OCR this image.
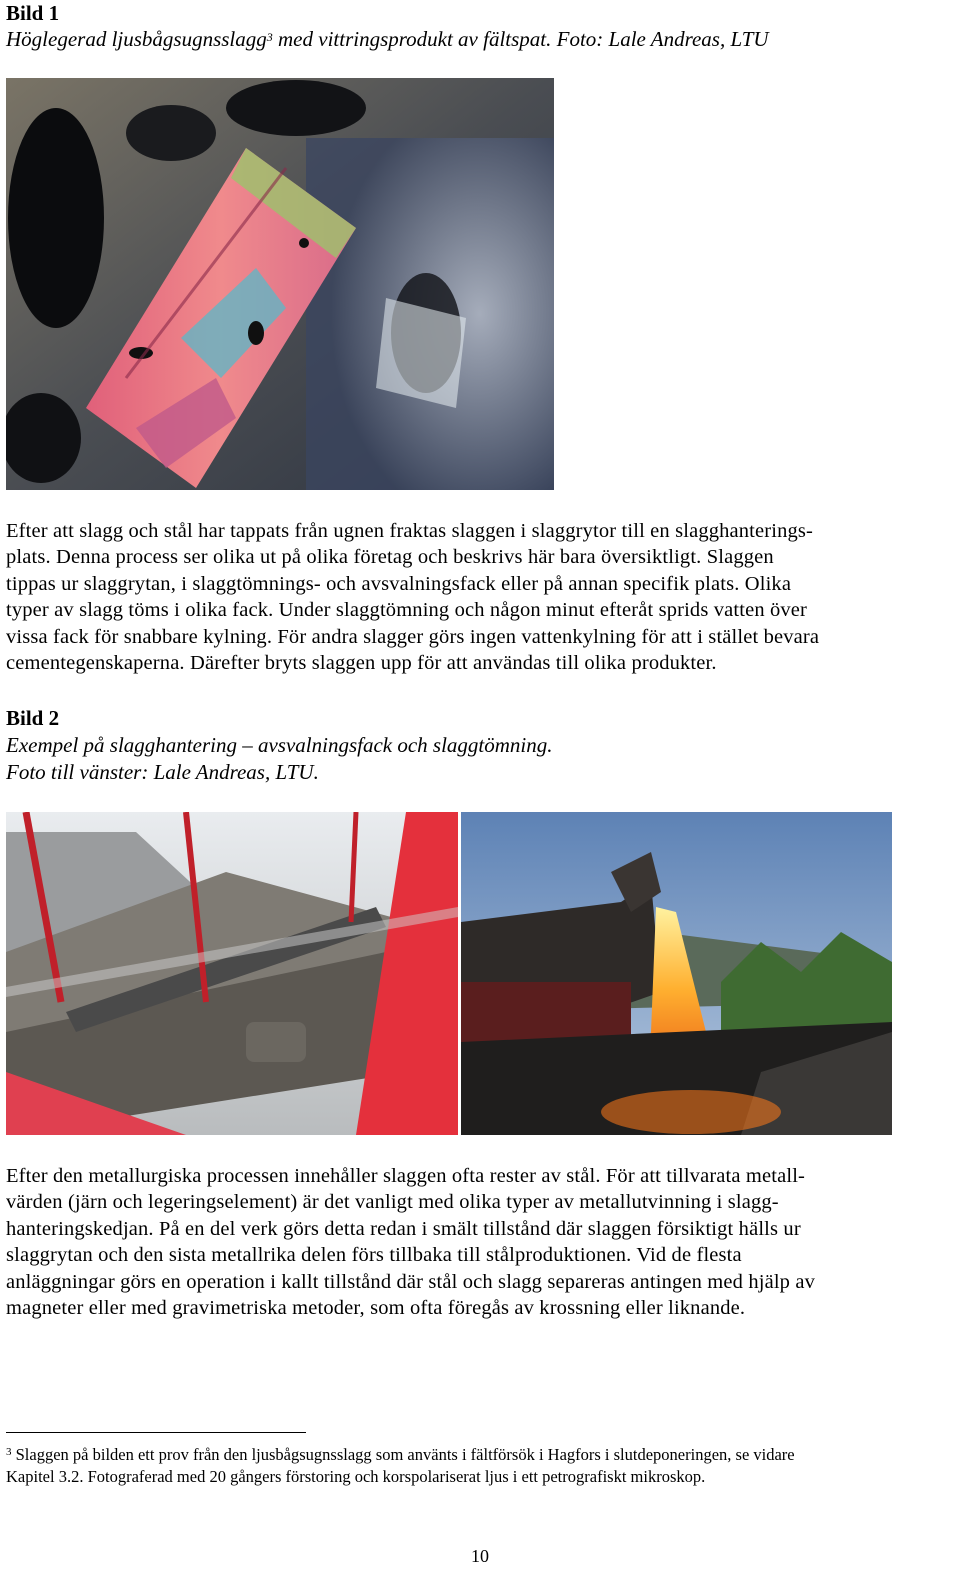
Bild 1
Höglegerad ljusbågsugnsslagg$^3$ med vittringsprodukt av fältspat. Foto: Lale Andreas, LTU
Efter att slagg och stål har tappats från ugnen fraktas slaggen i slaggrytor till en slagghanterings-
plats. Denna process ser olika ut på olika företag och beskrivs här bara översiktligt. Slaggen
tippas ur slaggrytan, i slaggtömnings- och avsvalningsfack eller på annan specifik plats. Olika
typer av slagg töms i olika fack. Under slaggtömning och någon minut efteråt sprids vatten över
vissa fack för snabbare kylning. För andra slagger görs ingen vattenkylning för att i stället bevara
cementegenskaperna. Därefter bryts slaggen upp för att användas till olika produkter.
Bild 2
Exempel på slagghantering – avsvalningsfack och slaggtömning.
Foto till vänster: Lale Andreas, LTU.
Efter den metallurgiska processen innehåller slaggen ofta rester av stål. För att tillvarata metall-
värden (järn och legeringselement) är det vanligt med olika typer av metallutvinning i slagg-
hanteringskedjan. På en del verk görs detta redan i smält tillstånd där slaggen försiktigt hälls ur
slaggrytan och den sista metallrika delen förs tillbaka till stålproduktionen. Vid de flesta
anläggningar görs en operation i kallt tillstånd där stål och slagg separeras antingen med hjälp av
magneter eller med gravimetriska metoder, som ofta föregås av krossning eller liknande.
$^3$ Slaggen på bilden ett prov från den ljusbågsugnsslagg som använts i fältförsök i Hagfors i slutdeponeringen, se vidare
Kapitel 3.2. Fotograferad med 20 gångers förstoring och korspolariserat ljus i ett petrografiskt mikroskop.
10
